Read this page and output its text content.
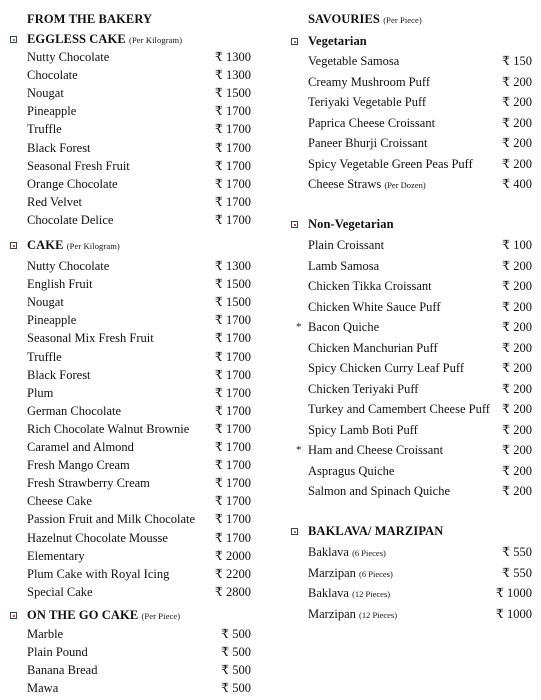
FROM THE BAKERY
EGGLESS CAKE (Per Kilogram)
Nutty Chocolate	₹ 1300
Chocolate	₹ 1300
Nougat	₹ 1500
Pineapple	₹ 1700
Truffle	₹ 1700
Black Forest	₹ 1700
Seasonal Fresh Fruit	₹ 1700
Orange Chocolate	₹ 1700
Red Velvet	₹ 1700
Chocolate Delice	₹ 1700
CAKE (Per Kilogram)
Nutty Chocolate	₹ 1300
English Fruit	₹ 1500
Nougat	₹ 1500
Pineapple	₹ 1700
Seasonal Mix Fresh Fruit	₹ 1700
Truffle	₹ 1700
Black Forest	₹ 1700
Plum	₹ 1700
German Chocolate	₹ 1700
Rich Chocolate Walnut Brownie ₹ 1700
Caramel and Almond	₹ 1700
Fresh Mango Cream	₹ 1700
Fresh Strawberry Cream	₹ 1700
Cheese Cake	₹ 1700
Passion Fruit and Milk Chocolate ₹ 1700
Hazelnut Chocolate Mousse	₹ 1700
Elementary	₹ 2000
Plum Cake with Royal Icing	₹ 2200
Special Cake	₹ 2800
ON THE GO CAKE (Per Piece)
Marble	₹ 500
Plain Pound	₹ 500
Banana Bread	₹ 500
Mawa	₹ 500
SAVOURIES (Per Piece)
Vegetarian
Vegetable Samosa	₹ 150
Creamy Mushroom Puff	₹ 200
Teriyaki Vegetable Puff	₹ 200
Paprica Cheese Croissant	₹ 200
Paneer Bhurji Croissant	₹ 200
Spicy Vegetable Green Peas Puff ₹ 200
Cheese Straws (Per Dozen)	₹ 400
Non-Vegetarian
Plain Croissant	₹ 100
Lamb Samosa	₹ 200
Chicken Tikka Croissant	₹ 200
Chicken White Sauce Puff	₹ 200
* Bacon Quiche	₹ 200
Chicken Manchurian Puff	₹ 200
Spicy Chicken Curry Leaf Puff	₹ 200
Chicken Teriyaki Puff	₹ 200
Turkey and Camembert Cheese Puff ₹ 200
Spicy Lamb Boti Puff	₹ 200
* Ham and Cheese Croissant	₹ 200
Aspragus Quiche	₹ 200
Salmon and Spinach Quiche	₹ 200
BAKLAVA/ MARZIPAN
Baklava (6 Pieces)	₹ 550
Marzipan (6 Pieces)	₹ 550
Baklava (12 Pieces)	₹ 1000
Marzipan (12 Pieces)	₹ 1000
